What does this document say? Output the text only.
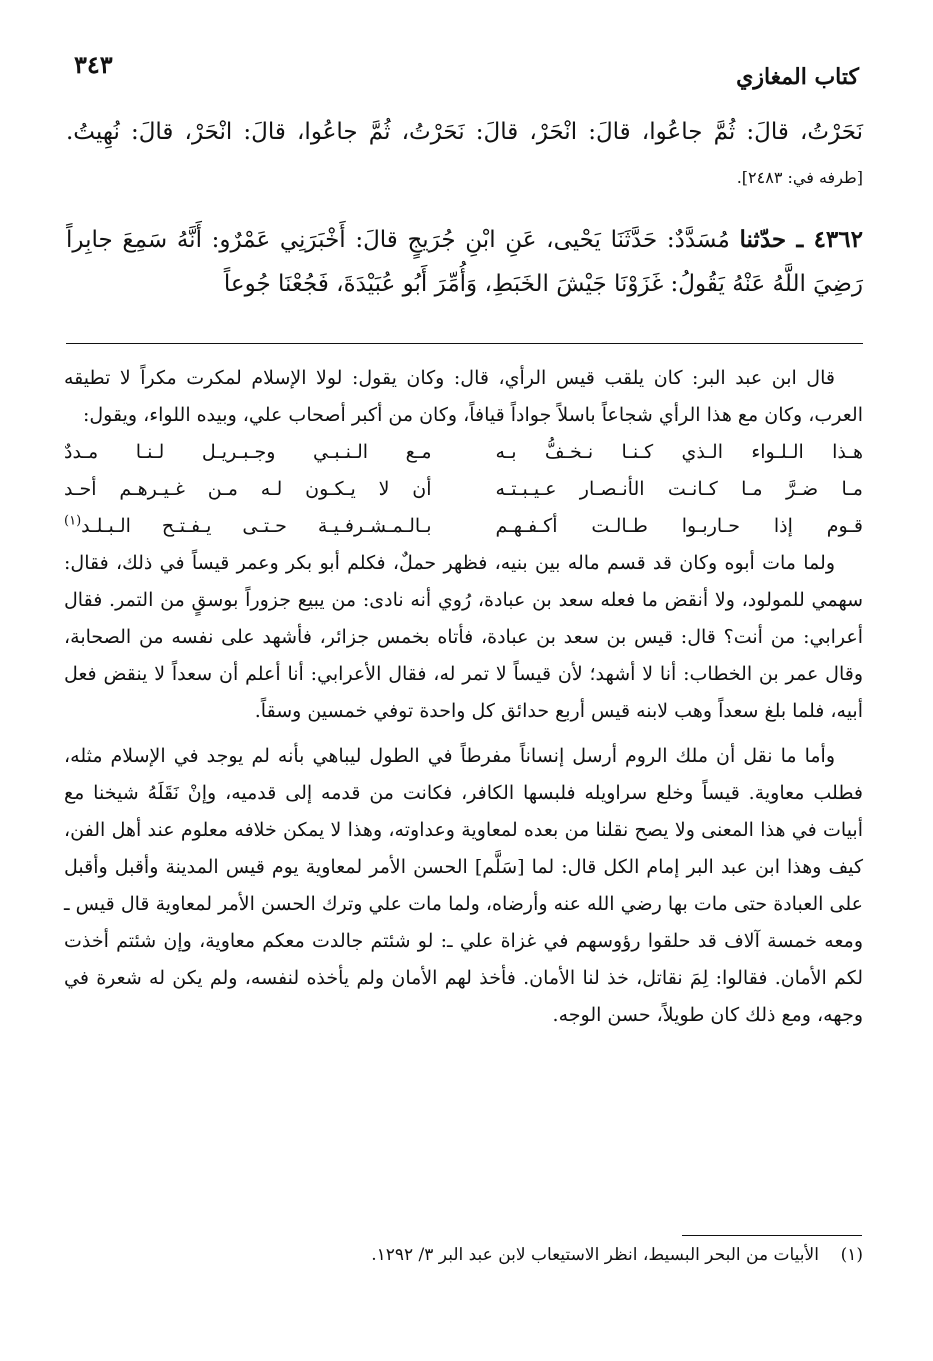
كتاب المغازي
٣٤٣

نَحَرْتُ، قالَ: ثُمَّ جاعُوا، قالَ: انْحَرْ، قالَ: نَحَرْتُ، ثُمَّ جاعُوا، قالَ: انْحَرْ، قالَ: نُهِيتُ. [طرفه في: ٢٤٨٣].

٤٣٦٢ ـ حدّثنا مُسَدَّدٌ: حَدَّثَنَا يَحْيى، عَنِ ابْنِ جُرَيجٍ قالَ: أَخْبَرَنِي عَمْرٌو: أَنَّهُ سَمِعَ جابِراً رَضِيَ اللَّهُ عَنْهُ يَقُولُ: غَزَوْنَا جَيْشَ الخَبَطِ، وَأُمِّرَ أَبُو عُبَيْدَةَ، فَجُعْنَا جُوعاً

قال ابن عبد البر: كان يلقب قيس الرأي، قال: وكان يقول: لولا الإسلام لمكرت مكراً لا تطيقه العرب، وكان مع هذا الرأي شجاعاً باسلاً جواداً قيافاً، وكان من أكبر أصحاب علي، وبيده اللواء، ويقول:

هـذا الـلـواء الـذي كـنـا نـخـفُّ بـه
مـع الـنـبـي وجـبـريـل لـنـا مـددٌ
مـا ضـرَّ مـا كـانـت الأنـصـار عـيـبـتـه
أن لا يـكـون لـه مـن غـيـرهـم أحـد
قـوم إذا حـاربـوا طـالـت أكـفـهـم
بـالـمـشـرفـيـة حـتـى يـفـتـح الـبـلـد$^{(١)}$

ولما مات أبوه وكان قد قسم ماله بين بنيه، فظهر حملٌ، فكلم أبو بكر وعمر قيساً في ذلك، فقال: سهمي للمولود، ولا أنقض ما فعله سعد بن عبادة، رُوي أنه نادى: من يبيع جزوراً بوسقٍ من التمر. فقال أعرابي: من أنت؟ قال: قيس بن سعد بن عبادة، فأتاه بخمس جزائر، فأشهد على نفسه من الصحابة، وقال عمر بن الخطاب: أنا لا أشهد؛ لأن قيساً لا تمر له، فقال الأعرابي: أنا أعلم أن سعداً لا ينقض فعل أبيه، فلما بلغ سعداً وهب لابنه قيس أربع حدائق كل واحدة توفي خمسين وسقاً.

وأما ما نقل أن ملك الروم أرسل إنساناً مفرطاً في الطول ليباهي بأنه لم يوجد في الإسلام مثله، فطلب معاوية. قيساً وخلع سراويله فلبسها الكافر، فكانت من قدمه إلى قدميه، وإنْ نَقَلَهُ شيخنا مع أبيات في هذا المعنى ولا يصح نقلنا من بعده لمعاوية وعداوته، وهذا لا يمكن خلافه معلوم عند أهل الفن، كيف وهذا ابن عبد البر إمام الكل قال: لما [سَلَّم] الحسن الأمر لمعاوية يوم قيس المدينة وأقبل وأقبل على العبادة حتى مات بها رضي الله عنه وأرضاه، ولما مات علي وترك الحسن الأمر لمعاوية قال قيس ـ ومعه خمسة آلاف قد حلقوا رؤوسهم في غزاة علي ـ: لو شئتم جالدت معكم معاوية، وإن شئتم أخذت لكم الأمان. فقالوا: لِمَ نقاتل، خذ لنا الأمان. فأخذ لهم الأمان ولم يأخذه لنفسه، ولم يكن له شعرة في وجهه، ومع ذلك كان طويلاً، حسن الوجه.

(١)    الأبيات من البحر البسيط، انظر الاستيعاب لابن عبد البر ٣/ ١٢٩٢.
